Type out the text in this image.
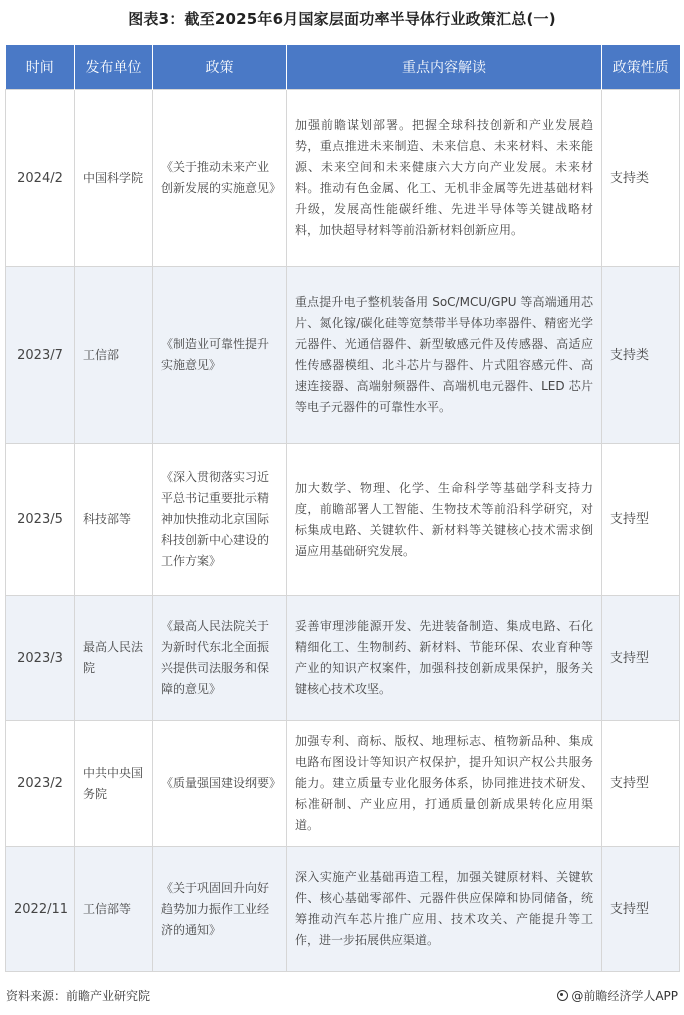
图表3：截至2025年6月国家层面功率半导体行业政策汇总(一)
时间	发布单位	政策	重点内容解读	政策性质
2024/2	中国科学院	《关于推动未来产业创新发展的实施意见》	加强前瞻谋划部署。把握全球科技创新和产业发展趋势，重点推进未来制造、未来信息、未来材料、未来能源、未来空间和未来健康六大方向产业发展。未来材料。推动有色金属、化工、无机非金属等先进基础材料升级，发展高性能碳纤维、先进半导体等关键战略材料，加快超导材料等前沿新材料创新应用。	支持类
2023/7	工信部	《制造业可靠性提升实施意见》	重点提升电子整机装备用 SoC/MCU/GPU 等高端通用芯片、氮化镓/碳化硅等宽禁带半导体功率器件、精密光学元器件、光通信器件、新型敏感元件及传感器、高适应性传感器模组、北斗芯片与器件、片式阻容感元件、高速连接器、高端射频器件、高端机电元器件、LED 芯片等电子元器件的可靠性水平。	支持类
2023/5	科技部等	《深入贯彻落实习近平总书记重要批示精神加快推动北京国际科技创新中心建设的工作方案》	加大数学、物理、化学、生命科学等基础学科支持力度，前瞻部署人工智能、生物技术等前沿科学研究，对标集成电路、关键软件、新材料等关键核心技术需求倒逼应用基础研究发展。	支持型
2023/3	最高人民法院	《最高人民法院关于为新时代东北全面振兴提供司法服务和保障的意见》	妥善审理涉能源开发、先进装备制造、集成电路、石化精细化工、生物制药、新材料、节能环保、农业育种等产业的知识产权案件，加强科技创新成果保护，服务关键核心技术攻坚。	支持型
2023/2	中共中央国务院	《质量强国建设纲要》	加强专利、商标、版权、地理标志、植物新品种、集成电路布图设计等知识产权保护，提升知识产权公共服务能力。建立质量专业化服务体系，协同推进技术研发、标准研制、产业应用，打通质量创新成果转化应用渠道。	支持型
2022/11	工信部等	《关于巩固回升向好趋势加力振作工业经济的通知》	深入实施产业基础再造工程，加强关键原材料、关键软件、核心基础零部件、元器件供应保障和协同储备，统筹推动汽车芯片推广应用、技术攻关、产能提升等工作，进一步拓展供应渠道。	支持型
资料来源：前瞻产业研究院	@前瞻经济学人APP
